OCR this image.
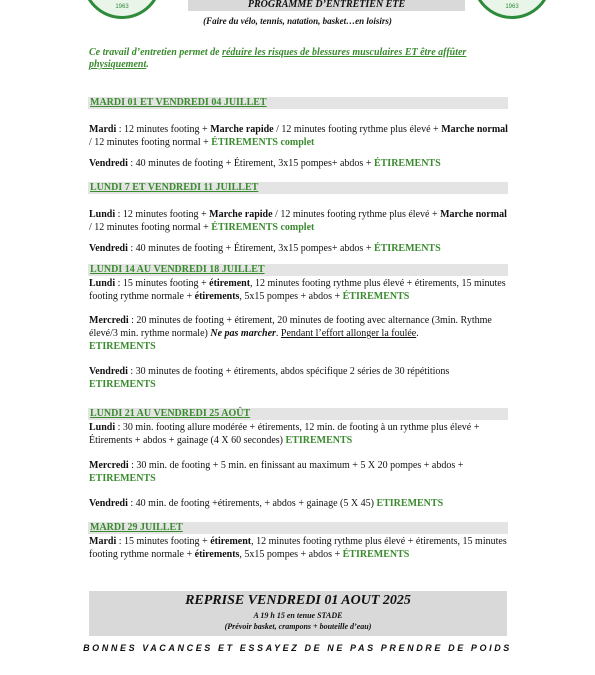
1963	1963
PROGRAMME D’ENTRETIEN ÉTÉ
(Faire du vélo, tennis, natation, basket…en loisirs)
Ce travail d’entretien permet de réduire les risques de blessures musculaires ET être affûter physiquement.
MARDI 01 ET VENDREDI 04 JUILLET
Mardi : 12 minutes footing + Marche rapide / 12 minutes footing rythme plus élevé + Marche normal / 12 minutes footing normal + ÉTIREMENTS complet
Vendredi : 40 minutes de footing + Étirement, 3x15 pompes+ abdos + ÉTIREMENTS
LUNDI 7 ET VENDREDI 11 JUILLET
Lundi : 12 minutes footing + Marche rapide / 12 minutes footing rythme plus élevé + Marche normal / 12 minutes footing normal + ÉTIREMENTS complet
Vendredi : 40 minutes de footing + Étirement, 3x15 pompes+ abdos + ÉTIREMENTS
LUNDI 14 AU VENDREDI 18 JUILLET
Lundi : 15 minutes footing + étirement, 12 minutes footing rythme plus élevé + étirements, 15 minutes footing rythme normale + étirements, 5x15 pompes + abdos + ÉTIREMENTS
Mercredi : 20 minutes de footing + étirement, 20 minutes de footing avec alternance (3min. Rythme élevé/3 min. rythme normale) Ne pas marcher. Pendant l’effort allonger la foulée.
ETIREMENTS
Vendredi : 30 minutes de footing + étirements, abdos spécifique 2 séries de 30 répétitions
ETIREMENTS
LUNDI 21 AU VENDREDI 25 AOÛT
Lundi : 30 min. footing allure modérée + étirements, 12 min. de footing à un rythme plus élevé + Étirements + abdos + gainage (4 X 60 secondes) ETIREMENTS
Mercredi : 30 min. de footing + 5 min. en finissant au maximum + 5 X 20 pompes + abdos +
ETIREMENTS
Vendredi : 40 min. de footing +étirements, + abdos + gainage (5 X 45) ETIREMENTS
MARDI 29 JUILLET
Mardi : 15 minutes footing + étirement, 12 minutes footing rythme plus élevé + étirements, 15 minutes footing rythme normale + étirements, 5x15 pompes + abdos + ÉTIREMENTS
REPRISE VENDREDI 01 AOUT 2025
A 19 h 15 en tenue STADE
(Prévoir basket, crampons + bouteille d’eau)
BONNES VACANCES ET ESSAYEZ DE NE PAS PRENDRE DE POIDS
